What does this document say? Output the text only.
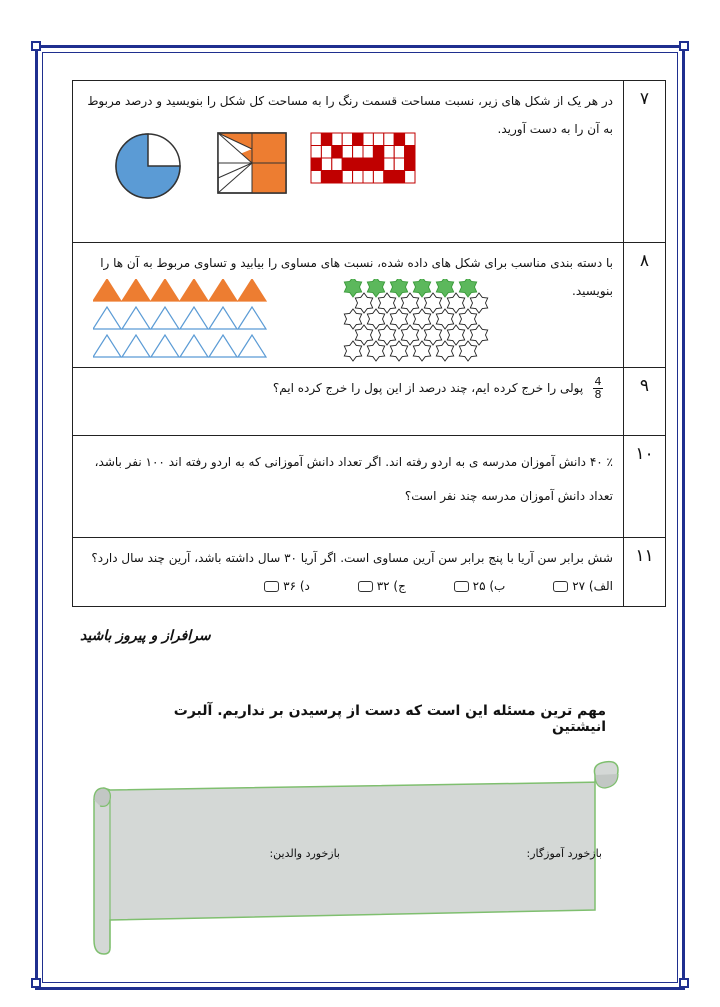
۷	در هر یک از شکل های زیر، نسبت مساحت قسمت رنگ را به مساحت کل شکل را بنویسید و درصد مربوط به آن را به دست آورید.

۸	با دسته بندی مناسب برای شکل های داده شده، نسبت های مساوی را بیابید و تساوی مربوط به آن ها را بنویسید.

۹	$\frac{4}{8}$
پولی را خرج کرده ایم، چند درصد از این پول را خرج کرده ایم؟

۱۰	٪ ۴۰ دانش آموزان مدرسه ی به اردو رفته اند. اگر تعداد دانش آموزانی که به اردو رفته اند ۱۰۰ نفر باشد،
تعداد دانش آموزان مدرسه چند نفر است؟

۱۱	شش برابر سن آریا با پنج برابر سن آرین مساوی است. اگر آریا ۳۰ سال داشته باشد، آرین چند سال دارد؟
الف) ۲۷ ب) ۲۵ ج) ۳۲ د) ۳۶
سرافراز و پیروز باشید
مهم ترین مسئله این است که دست از پرسیدن بر نداریم. آلبرت انیشتین
بازخورد آموزگار:
بازخورد والدین:
